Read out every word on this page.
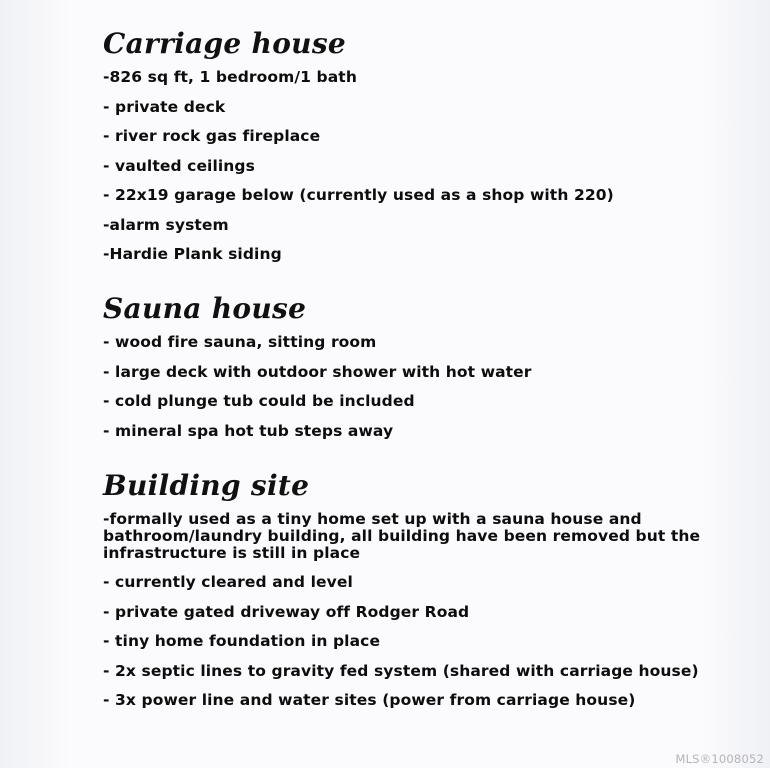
Carriage house

-826 sq ft, 1 bedroom/1 bath

- private deck

- river rock gas fireplace

- vaulted ceilings

- 22x19 garage below (currently used as a shop with 220)

-alarm system

-Hardie Plank siding

Sauna house

- wood fire sauna, sitting room

- large deck with outdoor shower with hot water

- cold plunge tub could be included

- mineral spa hot tub steps away

Building site

-formally used as a tiny home set up with a sauna house and bathroom/laundry building, all building have been removed but the infrastructure is still in place

- currently cleared and level

- private gated driveway off Rodger Road

- tiny home foundation in place

- 2x septic lines to gravity fed system (shared with carriage house)

- 3x power line and water sites (power from carriage house)

MLS®1008052
